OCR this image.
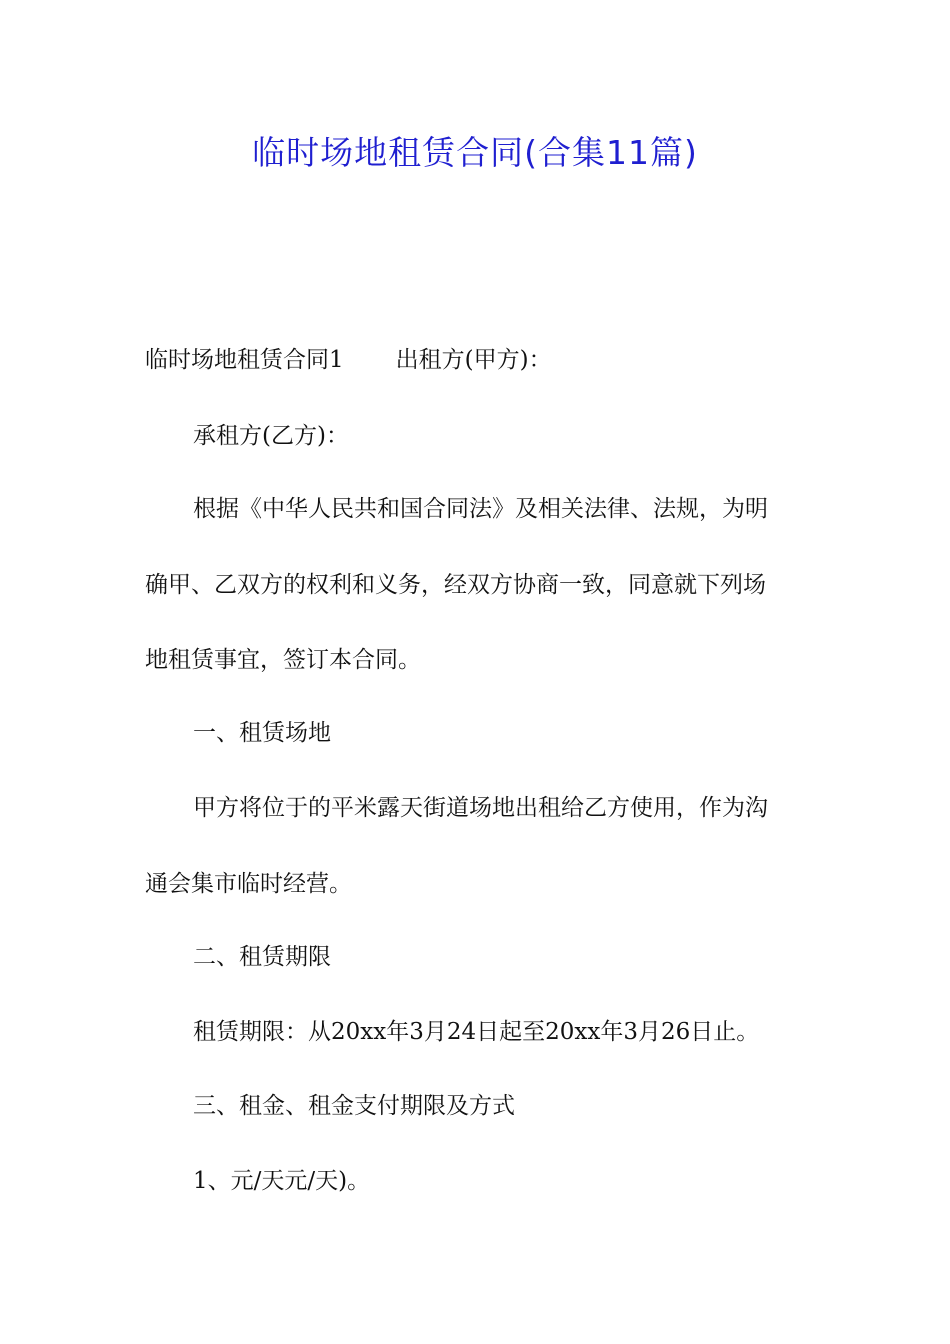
临时场地租赁合同(合集11篇)
临时场地租赁合同1 出租方(甲方)：
承租方(乙方)：
根据《中华人民共和国合同法》及相关法律、法规，为明
确甲、乙双方的权利和义务，经双方协商一致，同意就下列场
地租赁事宜，签订本合同。
一、租赁场地
甲方将位于的平米露天街道场地出租给乙方使用，作为沟
通会集市临时经营。
二、租赁期限
租赁期限：从20xx年3月24日起至20xx年3月26日止。
三、租金、租金支付期限及方式
1、元/天元/天)。
